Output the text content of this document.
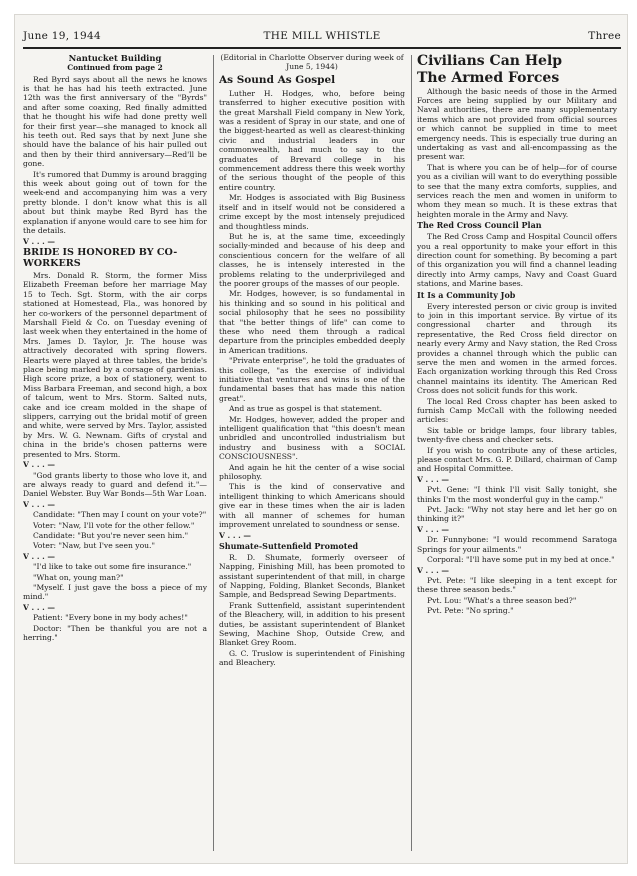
June 19, 1944	THE MILL WHISTLE	Three
Nantucket Building
Continued from page 2

Red Byrd says about all the news he knows is that he has had his teeth extracted. June 12th was the first anniversary of the "Byrds" and after some coaxing, Red finally admitted that he thought his wife had done pretty well for their first year—she managed to knock all his teeth out. Red says that by next June she should have the balance of his hair pulled out and then by their third anniversary—Red'll be gone.

It's rumored that Dummy is around bragging this week about going out of town for the week-end and accompanying him was a very pretty blonde. I don't know what this is all about but think maybe Red Byrd has the explanation if anyone would care to see him for the details.

V . . . —

BRIDE IS HONORED BY CO-WORKERS

Mrs. Donald R. Storm, the former Miss Elizabeth Freeman before her marriage May 15 to Tech. Sgt. Storm, with the air corps stationed at Homestead, Fla., was honored by her co-workers of the personnel department of Marshall Field & Co. on Tuesday evening of last week when they entertained in the home of Mrs. James D. Taylor, Jr. The house was attractively decorated with spring flowers. Hearts were played at three tables, the bride's place being marked by a corsage of gardenias. High score prize, a box of stationery, went to Miss Barbara Freeman, and second high, a box of talcum, went to Mrs. Storm. Salted nuts, cake and ice cream molded in the shape of slippers, carrying out the bridal motif of green and white, were served by Mrs. Taylor, assisted by Mrs. W. G. Newnam. Gifts of crystal and china in the bride's chosen patterns were presented to Mrs. Storm.

V . . . —

"God grants liberty to those who love it, and are always ready to guard and defend it."—Daniel Webster. Buy War Bonds—5th War Loan.

V . . . —

Candidate: "Then may I count on your vote?"

Voter: "Naw, I'll vote for the other fellow."

Candidate: "But you're never seen him."

Voter: "Naw, but I've seen you."

V . . . —

"I'd like to take out some fire insurance."

"What on, young man?"

"Myself. I just gave the boss a piece of my mind."

V . . . —

Patient: "Every bone in my body aches!"

Doctor: "Then be thankful you are not a herring."

(Editorial in Charlotte Observer during week of June 5, 1944)
As Sound As Gospel

Luther H. Hodges, who, before being transferred to higher executive position with the great Marshall Field company in New York, was a resident of Spray in our state, and one of the biggest-hearted as well as clearest-thinking civic and industrial leaders in our commonwealth, had much to say to the graduates of Brevard college in his commencement address there this week worthy of the serious thought of the people of this entire country.

Mr. Hodges is associated with Big Business itself and in itself would not be considered a crime except by the most intensely prejudiced and thoughtless minds.

But he is, at the same time, exceedingly socially-minded and because of his deep and conscientious concern for the welfare of all classes, he is intensely interested in the problems relating to the underprivileged and the poorer groups of the masses of our people.

Mr. Hodges, however, is so fundamental in his thinking and so sound in his political and social philosophy that he sees no possibility that "the better things of life" can come to these who need them through a radical departure from the principles embedded deeply in American traditions.

"Private enterprise", he told the graduates of this college, "as the exercise of individual initiative that ventures and wins is one of the fundamental bases that has made this nation great".

And as true as gospel is that statement.

Mr. Hodges, however, added the proper and intelligent qualification that "this doesn't mean unbridled and uncontrolled industrialism but industry and business with a SOCIAL CONSCIOUSNESS".

And again he hit the center of a wise social philosophy.

This is the kind of conservative and intelligent thinking to which Americans should give ear in these times when the air is laden with all manner of schemes for human improvement unrelated to soundness or sense.

V . . . —

Shumate-Suttenfield Promoted

R. D. Shumate, formerly overseer of Napping, Finishing Mill, has been promoted to assistant superintendent of that mill, in charge of Napping, Folding, Blanket Seconds, Blanket Sample, and Bedspread Sewing Departments.

Frank Suttenfield, assistant superintendent of the Bleachery, will, in addition to his present duties, be assistant superintendent of Blanket Sewing, Machine Shop, Outside Crew, and Blanket Grey Room.

G. C. Truslow is superintendent of Finishing and Bleachery.

Civilians Can Help
The Armed Forces

Although the basic needs of those in the Armed Forces are being supplied by our Military and Naval authorities, there are many supplementary items which are not provided from official sources or which cannot be supplied in time to meet emergency needs. This is especially true during an undertaking as vast and all-encompassing as the present war.

That is where you can be of help—for of course you as a civilian will want to do everything possible to see that the many extra comforts, supplies, and services reach the men and women in uniform to whom they mean so much. It is these extras that heighten morale in the Army and Navy.

The Red Cross Council Plan

The Red Cross Camp and Hospital Council offers you a real opportunity to make your effort in this direction count for something. By becoming a part of this organization you will find a channel leading directly into Army camps, Navy and Coast Guard stations, and Marine bases.

It Is a Community Job

Every interested person or civic group is invited to join in this important service. By virtue of its congressional charter and through its representative, the Red Cross field director on nearly every Army and Navy station, the Red Cross provides a channel through which the public can serve the men and women in the armed forces. Each organization working through this Red Cross channel maintains its identity. The American Red Cross does not solicit funds for this work.

The local Red Cross chapter has been asked to furnish Camp McCall with the following needed articles:

Six table or bridge lamps, four library tables, twenty-five chess and checker sets.

If you wish to contribute any of these articles, please contact Mrs. G. P. Dillard, chairman of Camp and Hospital Committee.

V . . . —

Pvt. Gene: "I think I'll visit Sally tonight, she thinks I'm the most wonderful guy in the camp."

Pvt. Jack: "Why not stay here and let her go on thinking it?"

V . . . —

Dr. Funnybone: "I would recommend Saratoga Springs for your ailments."

Corporal: "I'll have some put in my bed at once."

V . . . —

Pvt. Pete: "I like sleeping in a tent except for these three season beds."

Pvt. Lou: "What's a three season bed?"

Pvt. Pete: "No spring."
